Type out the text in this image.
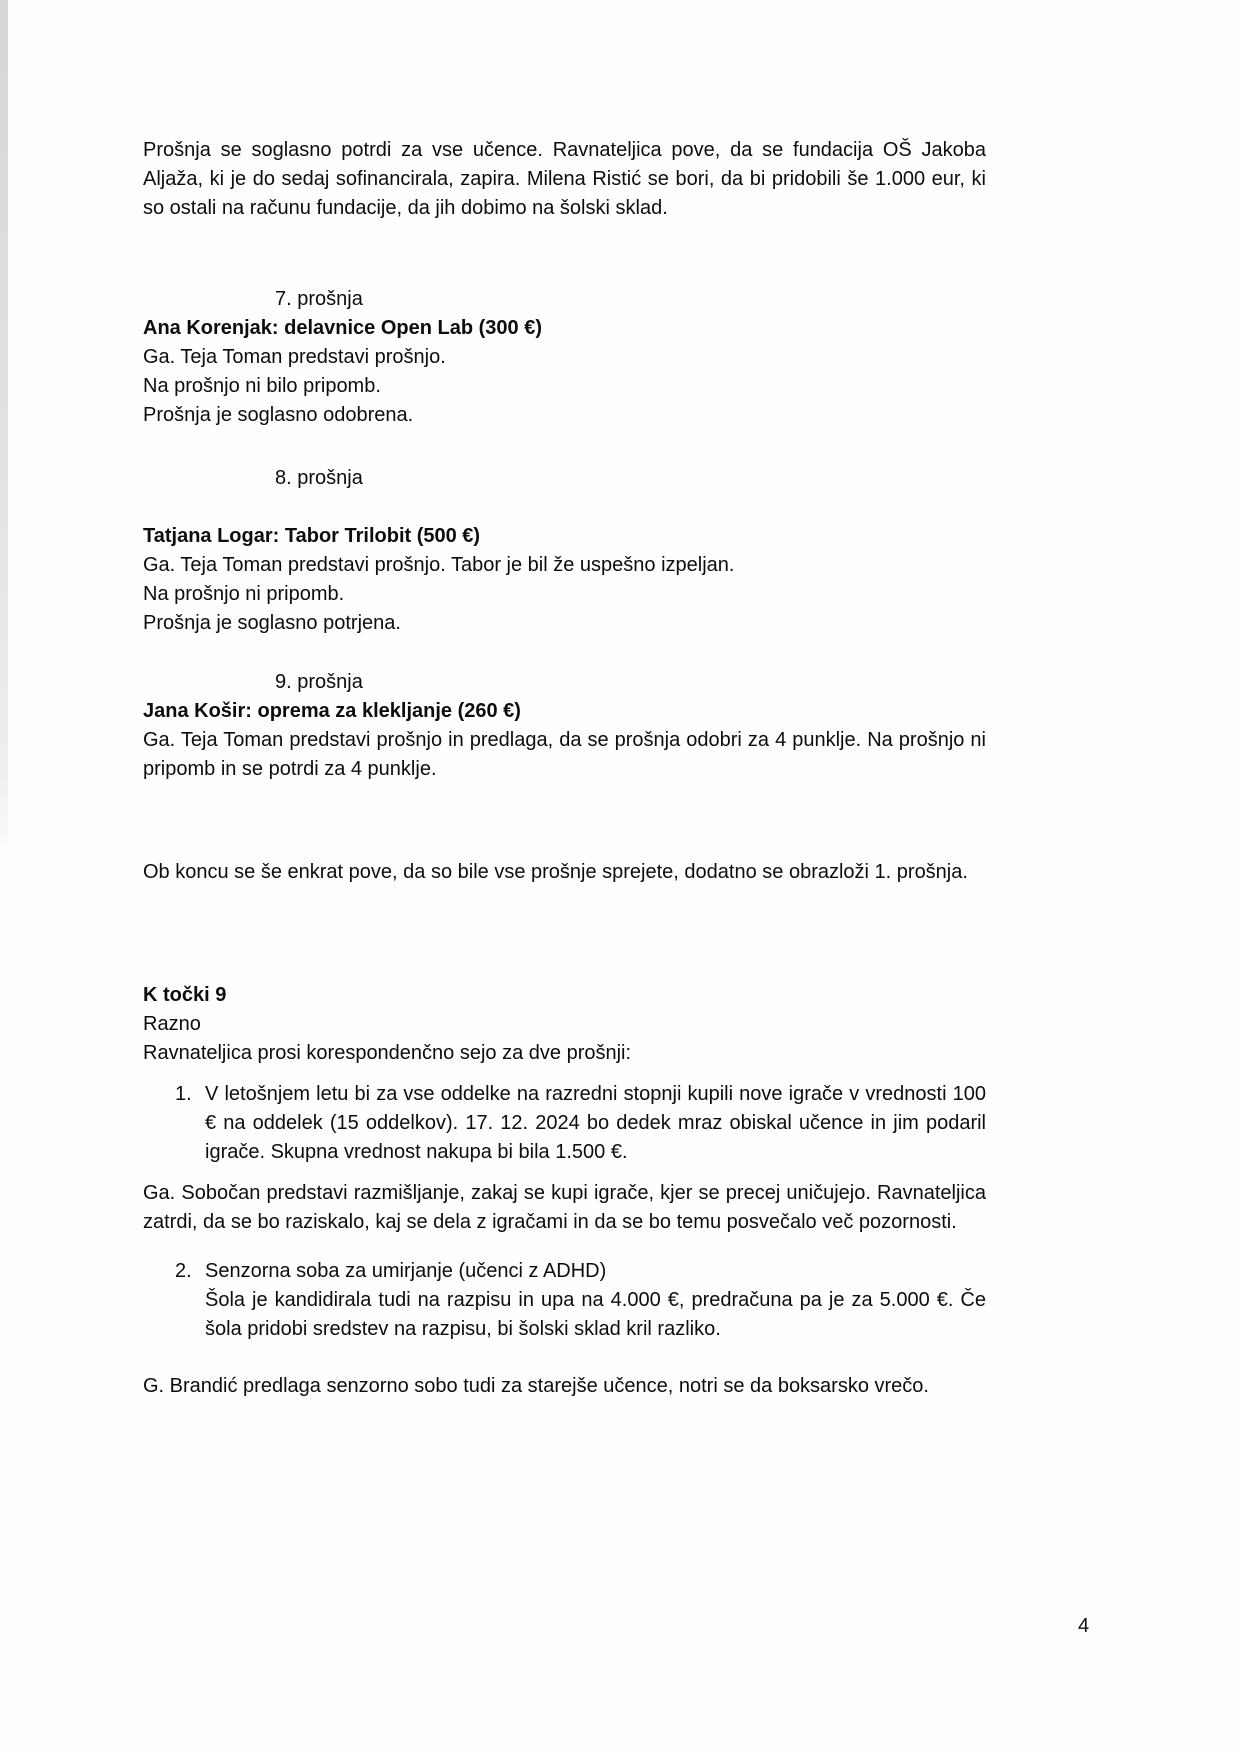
Prošnja se soglasno potrdi za vse učence. Ravnateljica pove, da se fundacija OŠ Jakoba Aljaža, ki je do sedaj sofinancirala, zapira. Milena Ristić se bori, da bi pridobili še 1.000 eur, ki so ostali na računu fundacije, da jih dobimo na šolski sklad.

7. prošnja
Ana Korenjak: delavnice Open Lab (300 €)
Ga. Teja Toman predstavi prošnjo.
Na prošnjo ni bilo pripomb.
Prošnja je soglasno odobrena.
8. prošnja
Tatjana Logar: Tabor Trilobit (500 €)
Ga. Teja Toman predstavi prošnjo. Tabor je bil že uspešno izpeljan.
Na prošnjo ni pripomb.
Prošnja je soglasno potrjena.
9. prošnja
Jana Košir: oprema za klekljanje (260 €)

Ga. Teja Toman predstavi prošnjo in predlaga, da se prošnja odobri za 4 punklje. Na prošnjo ni pripomb in se potrdi za 4 punklje.

Ob koncu se še enkrat pove, da so bile vse prošnje sprejete, dodatno se obrazloži 1. prošnja.

K točki 9
Razno
Ravnateljica prosi korespondenčno sejo za dve prošnji:
1. V letošnjem letu bi za vse oddelke na razredni stopnji kupili nove igrače v vrednosti 100 € na oddelek (15 oddelkov). 17. 12. 2024 bo dedek mraz obiskal učence in jim podaril igrače. Skupna vrednost nakupa bi bila 1.500 €.

Ga. Sobočan predstavi razmišljanje, zakaj se kupi igrače, kjer se precej uničujejo. Ravnateljica zatrdi, da se bo raziskalo, kaj se dela z igračami in da se bo temu posvečalo več pozornosti.

2. Senzorna soba za umirjanje (učenci z ADHD)
Šola je kandidirala tudi na razpisu in upa na 4.000 €, predračuna pa je za 5.000 €. Če šola pridobi sredstev na razpisu, bi šolski sklad kril razliko.

G. Brandić predlaga senzorno sobo tudi za starejše učence, notri se da boksarsko vrečo.

4
